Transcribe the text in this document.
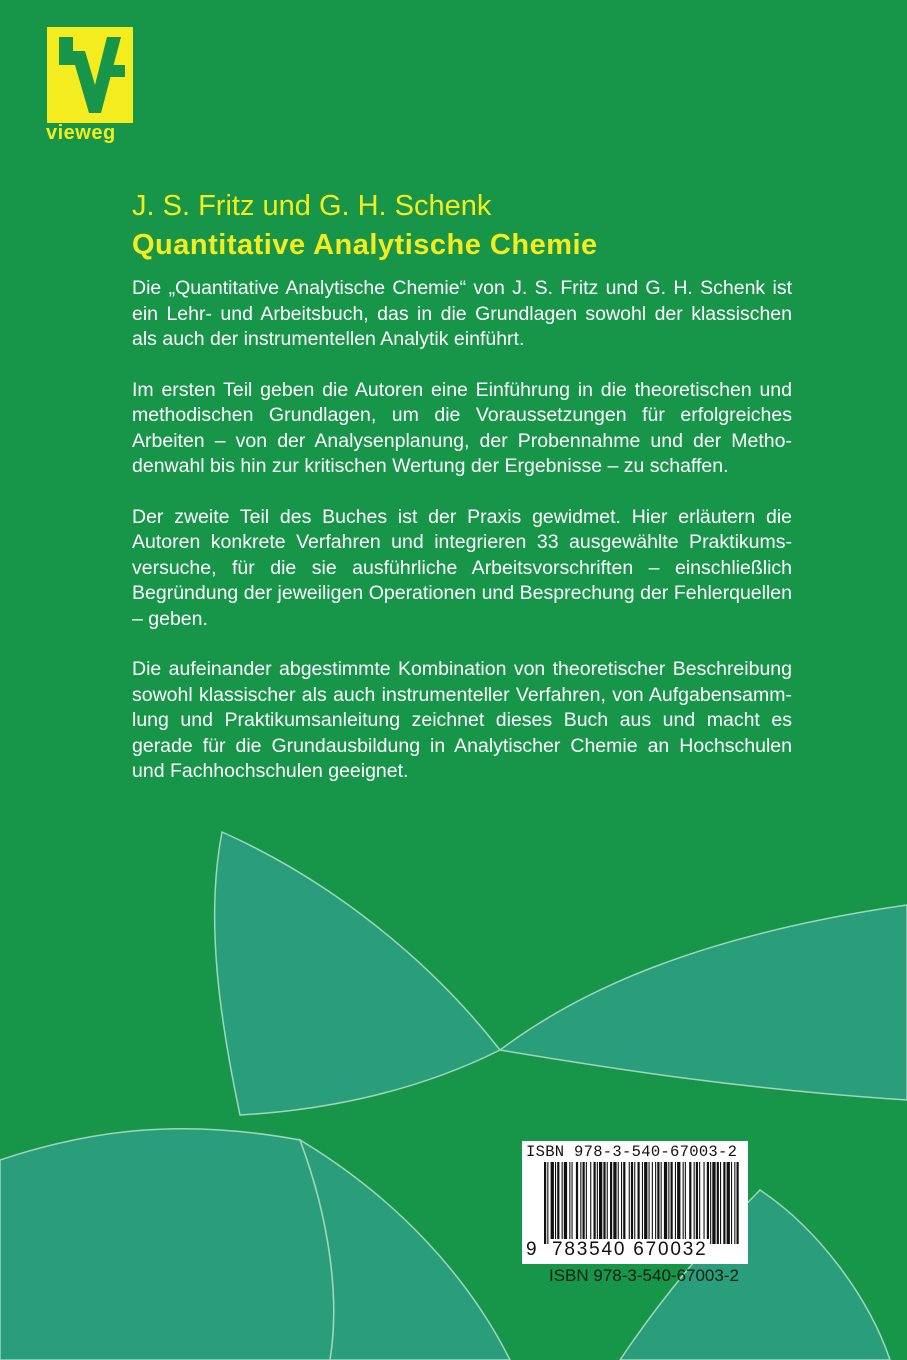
vieweg
J. S. Fritz und G. H. Schenk
Quantitative Analytische Chemie

Die „Quantitative Analytische Chemie“ von J. S. Fritz und G. H. Schenk ist ein Lehr- und Arbeitsbuch, das in die Grundlagen sowohl der klassischen als auch der instrumentellen Analytik einführt.

Im ersten Teil geben die Autoren eine Einführung in die theoretischen und methodischen Grundlagen, um die Voraussetzungen für erfolgreiches Arbeiten – von der Analysenplanung, der Probennahme und der Methodenwahl bis hin zur kritischen Wertung der Ergebnisse – zu schaffen.

Der zweite Teil des Buches ist der Praxis gewidmet. Hier erläutern die Autoren konkrete Verfahren und integrieren 33 ausgewählte Praktikumsversuche, für die sie ausführliche Arbeitsvorschriften – einschließlich Begründung der jeweiligen Operationen und Besprechung der Fehlerquellen – geben.

Die aufeinander abgestimmte Kombination von theoretischer Beschreibung sowohl klassischer als auch instrumenteller Verfahren, von Aufgabensammlung und Praktikumsanleitung zeichnet dieses Buch aus und macht es gerade für die Grundausbildung in Analytischer Chemie an Hochschulen und Fachhochschulen geeignet.

ISBN 978-3-540-67003-2
9 783540 670032
ISBN 978-3-540-67003-2
